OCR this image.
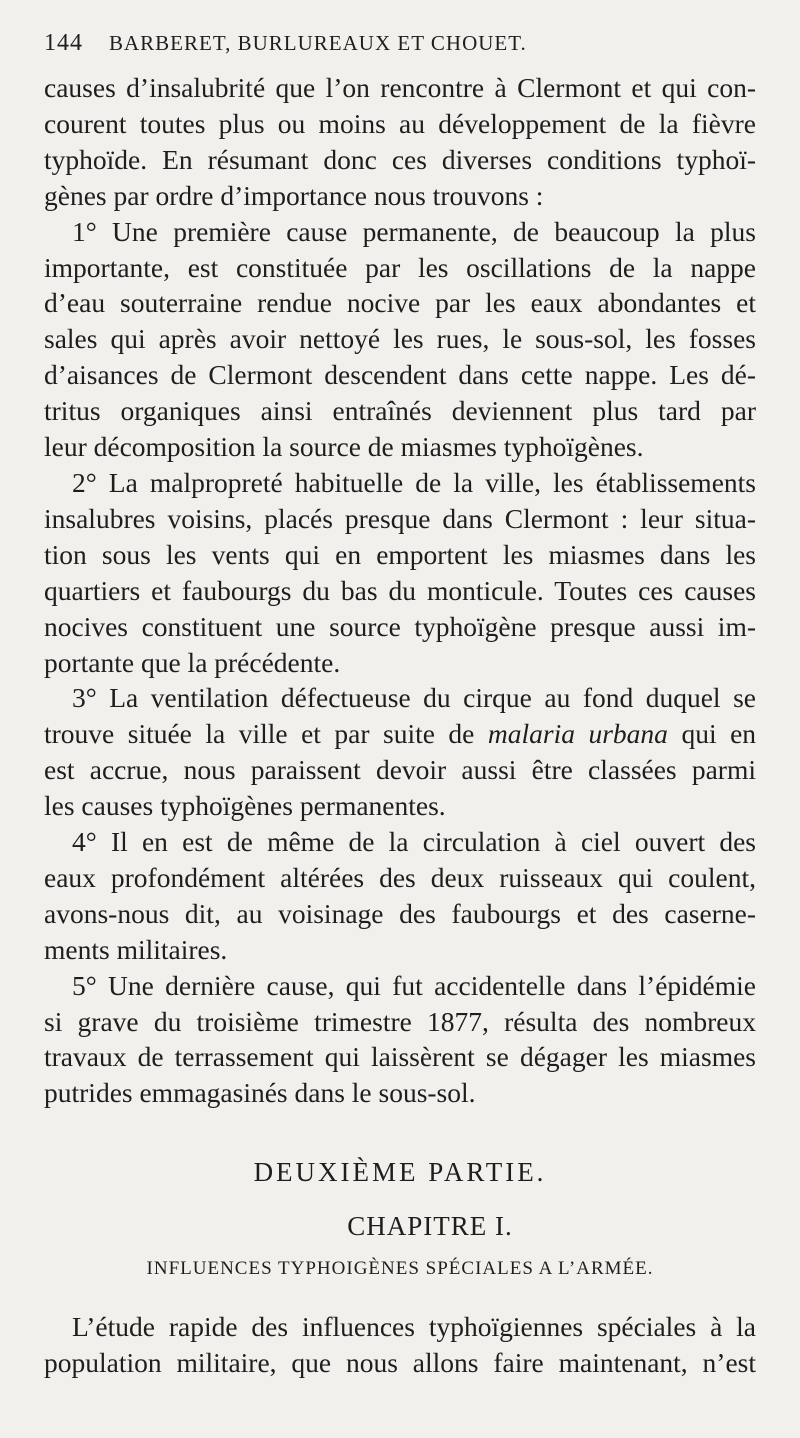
144 BARBERET, BURLUREAUX ET CHOUET.

causes d’insalubrité que l’on rencontre à Clermont et qui con-

courent toutes plus ou moins au développement de la fièvre

typhoïde. En résumant donc ces diverses conditions typhoï-

gènes par ordre d’importance nous trouvons :

1° Une première cause permanente, de beaucoup la plus

importante, est constituée par les oscillations de la nappe

d’eau souterraine rendue nocive par les eaux abondantes et

sales qui après avoir nettoyé les rues, le sous-sol, les fosses

d’aisances de Clermont descendent dans cette nappe. Les dé-

tritus organiques ainsi entraînés deviennent plus tard par

leur décomposition la source de miasmes typhoïgènes.

2° La malpropreté habituelle de la ville, les établissements

insalubres voisins, placés presque dans Clermont : leur situa-

tion sous les vents qui en emportent les miasmes dans les

quartiers et faubourgs du bas du monticule. Toutes ces causes

nocives constituent une source typhoïgène presque aussi im-

portante que la précédente.

3° La ventilation défectueuse du cirque au fond duquel se

trouve située la ville et par suite de malaria urbana qui en

est accrue, nous paraissent devoir aussi être classées parmi

les causes typhoïgènes permanentes.

4° Il en est de même de la circulation à ciel ouvert des

eaux profondément altérées des deux ruisseaux qui coulent,

avons-nous dit, au voisinage des faubourgs et des caserne-

ments militaires.

5° Une dernière cause, qui fut accidentelle dans l’épidémie

si grave du troisième trimestre 1877, résulta des nombreux

travaux de terrassement qui laissèrent se dégager les miasmes

putrides emmagasinés dans le sous-sol.

DEUXIÈME PARTIE.
CHAPITRE I.
INFLUENCES TYPHOIGÈNES SPÉCIALES A L’ARMÉE.

L’étude rapide des influences typhoïgiennes spéciales à la

population militaire, que nous allons faire maintenant, n’est
